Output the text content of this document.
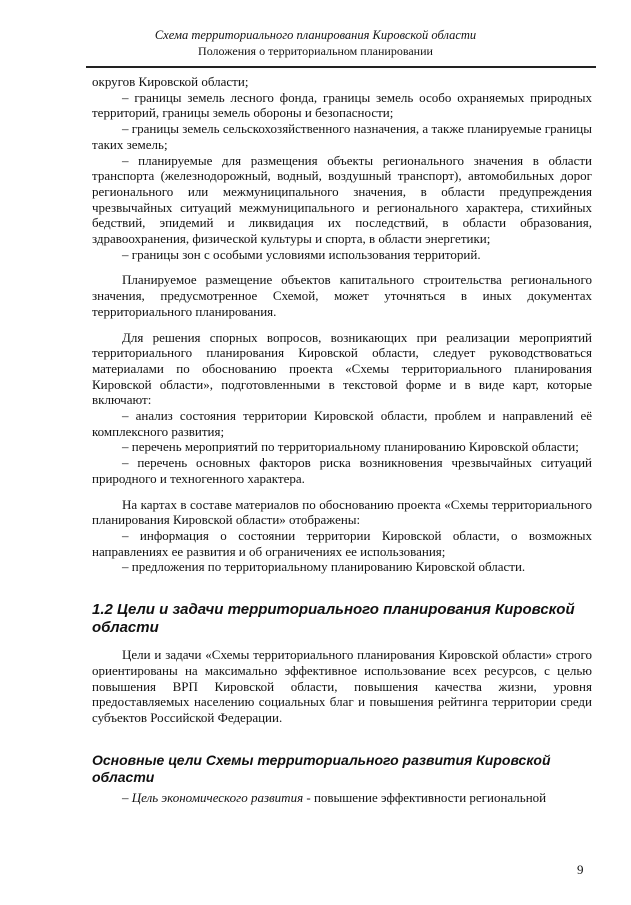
Схема территориального планирования Кировской области
Положения о территориальном планировании

округов Кировской области;

– границы земель лесного фонда, границы земель особо охраняемых природных территорий, границы земель обороны и безопасности;

– границы земель сельскохозяйственного назначения, а также планируемые границы таких земель;

– планируемые для размещения объекты регионального значения в области транспорта (железнодорожный, водный, воздушный транспорт), автомобильных дорог регионального или межмуниципального значения, в области предупреждения чрезвычайных ситуаций межмуниципального и регионального характера, стихийных бедствий, эпидемий и ликвидация их последствий, в области образования, здравоохранения, физической культуры и спорта, в области энергетики;

– границы зон с особыми условиями использования территорий.

Планируемое размещение объектов капитального строительства регионального значения, предусмотренное Схемой, может уточняться в иных документах территориального планирования.

Для решения спорных вопросов, возникающих при реализации мероприятий территориального планирования Кировской области, следует руководствоваться материалами по обоснованию проекта «Схемы территориального планирования Кировской области», подготовленными в текстовой форме и в виде карт, которые включают:

– анализ состояния территории Кировской области, проблем и направлений её комплексного развития;

– перечень мероприятий по территориальному планированию Кировской области;

– перечень основных факторов риска возникновения чрезвычайных ситуаций природного и техногенного характера.

На картах в составе материалов по обоснованию проекта «Схемы территориального планирования Кировской области» отображены:

– информация о состоянии территории Кировской области, о возможных направлениях ее развития и об ограничениях ее использования;

– предложения по территориальному планированию Кировской области.

1.2 Цели и задачи территориального планирования Кировской области

Цели и задачи «Схемы территориального планирования Кировской области» строго ориентированы на максимально эффективное использование всех ресурсов, с целью повышения ВРП Кировской области, повышения качества жизни, уровня предоставляемых населению социальных благ и повышения рейтинга территории среди субъектов Российской Федерации.

Основные цели Схемы территориального развития Кировской области

– Цель экономического развития - повышение эффективности региональной

9
